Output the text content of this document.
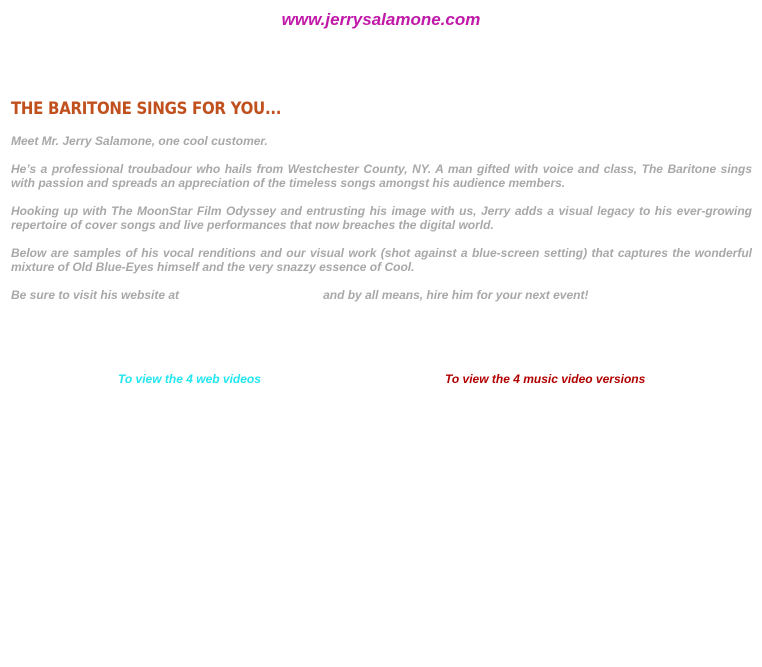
www.jerrysalamone.com
THE BARITONE SINGS FOR YOU...

Meet Mr. Jerry Salamone, one cool customer.

He’s a professional troubadour who hails from Westchester County, NY. A man gifted with voice and class, The Baritone sings with passion and spreads an appreciation of the timeless songs amongst his audience members.

Hooking up with The MoonStar Film Odyssey and entrusting his image with us, Jerry adds a visual legacy to his ever-growing repertoire of cover songs and live performances that now breaches the digital world.

Below are samples of his vocal renditions and our visual work (shot against a blue-screen setting) that captures the wonderful mixture of Old Blue-Eyes himself and the very snazzy essence of Cool.

Be sure to visit his website at	and by all means, hire him for your next event!

To view the 4 web videos	To view the 4 music video versions
